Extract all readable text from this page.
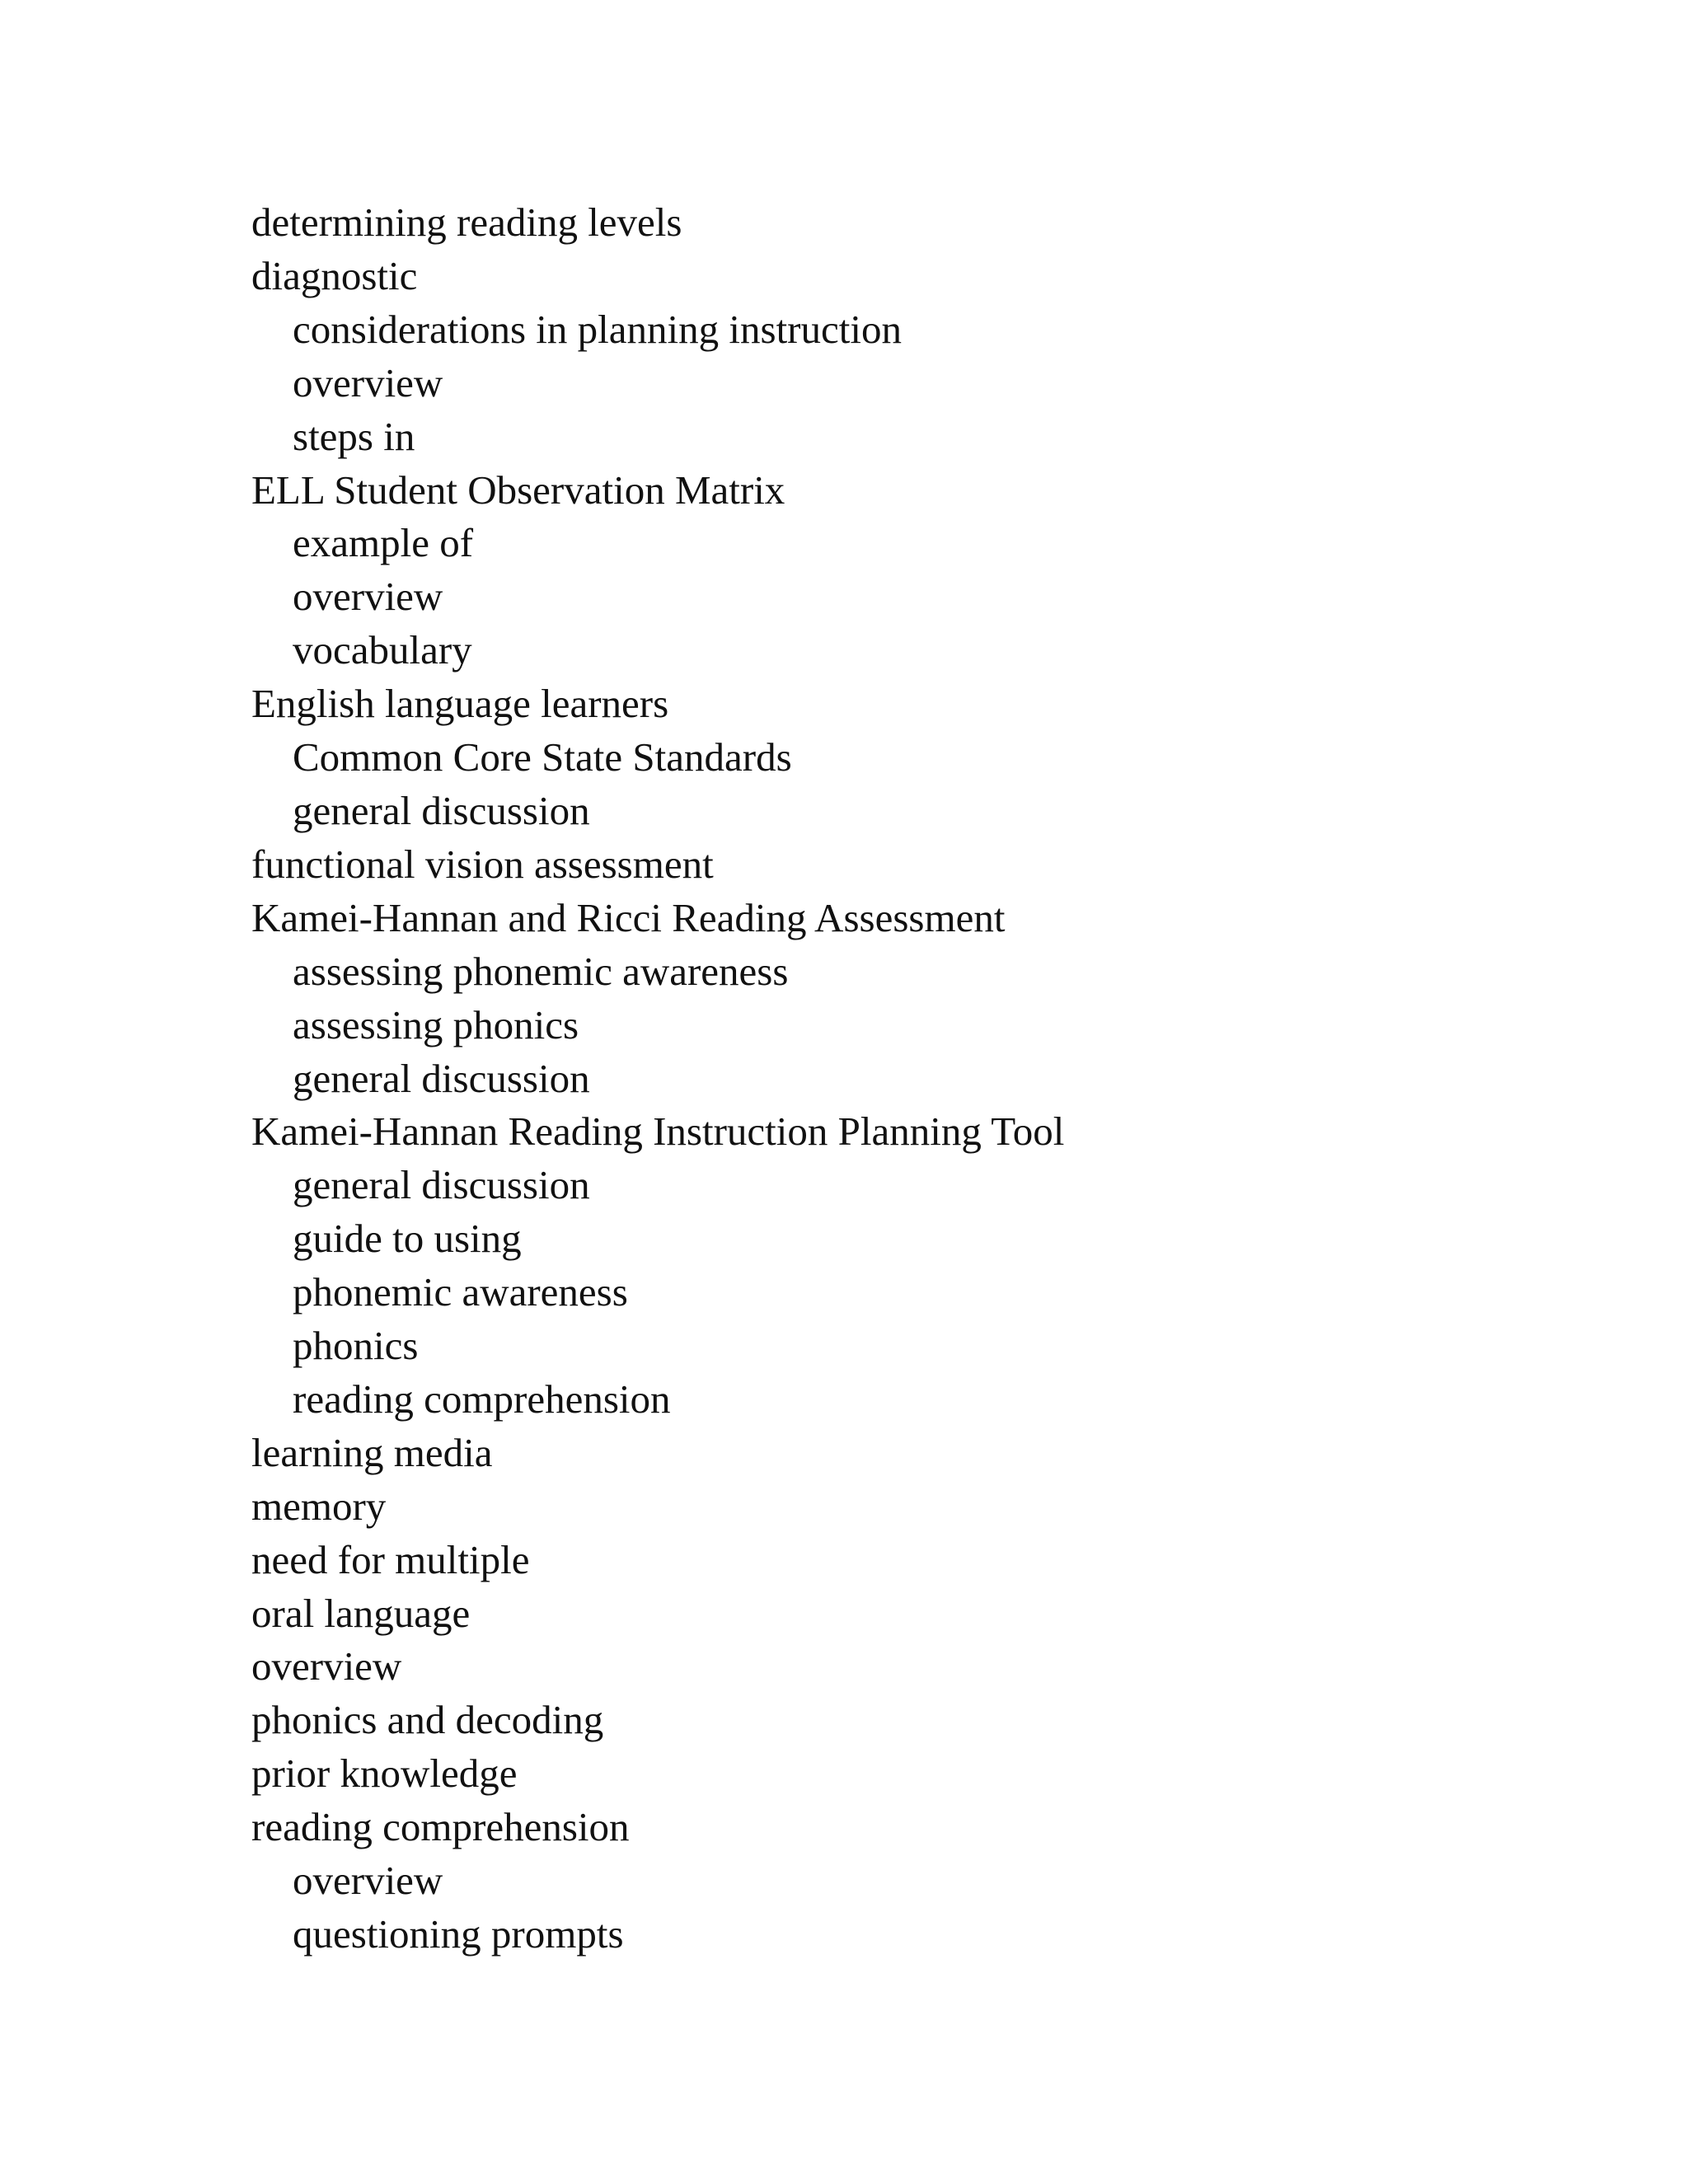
determining reading levels
diagnostic
considerations in planning instruction
overview
steps in
ELL Student Observation Matrix
example of
overview
vocabulary
English language learners
Common Core State Standards
general discussion
functional vision assessment
Kamei-Hannan and Ricci Reading Assessment
assessing phonemic awareness
assessing phonics
general discussion
Kamei-Hannan Reading Instruction Planning Tool
general discussion
guide to using
phonemic awareness
phonics
reading comprehension
learning media
memory
need for multiple
oral language
overview
phonics and decoding
prior knowledge
reading comprehension
overview
questioning prompts
